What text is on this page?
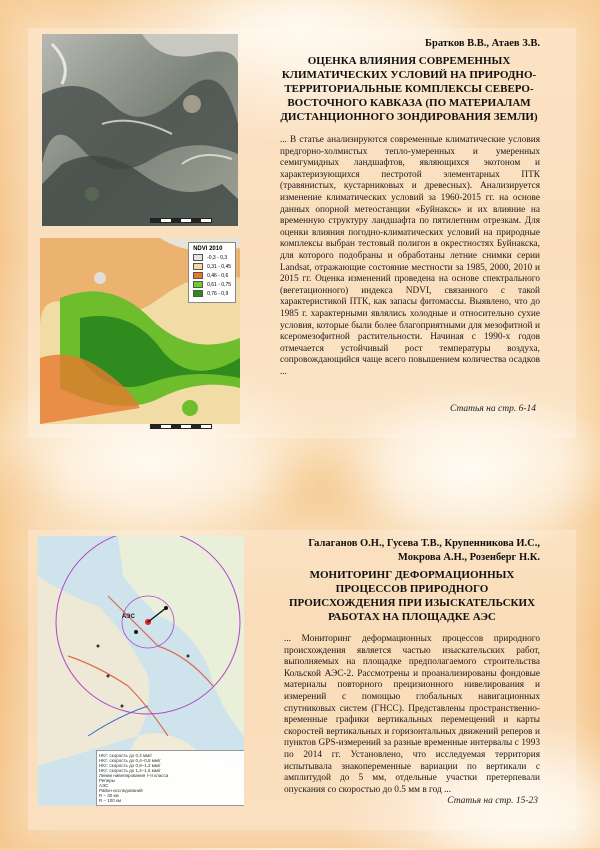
NDVI 2010
-0,3 - 0,3
0,31 - 0,45
0,46 - 0,6
0,61 - 0,75
0,76 - 0,9
Братков В.В., Атаев З.В.
ОЦЕНКА ВЛИЯНИЯ СОВРЕМЕННЫХ КЛИМАТИЧЕСКИХ УСЛОВИЙ НА ПРИРОДНО-ТЕРРИТОРИАЛЬНЫЕ КОМПЛЕКСЫ СЕВЕРО-ВОСТОЧНОГО КАВКАЗА (ПО МАТЕРИАЛАМ ДИСТАНЦИОННОГО ЗОНДИРОВАНИЯ ЗЕМЛИ)

... В статье анализируются современные климатические условия предгорно-холмистых тепло-умеренных и умеренных семигумидных ландшафтов, являющихся экотоном и характеризующихся пестротой элементарных ПТК (травянистых, кустарниковых и древесных). Анализируется изменение климатических условий за 1960-2015 гг. на основе данных опорной метеостанции «Буйнакск» и их влияние на временную структуру ландшафта по пятилетним отрезкам. Для оценки влияния погодно-климатических условий на природные комплексы выбран тестовый полигон в окрестностях Буйнакска, для которого подобраны и обработаны летние снимки серии Landsat, отражающие состояние местности за 1985, 2000, 2010 и 2015 гг. Оценка изменений проведена на основе спектрального (вегетационного) индекса NDVI, связанного с такой характеристикой ПТК, как запасы фитомассы. Выявлено, что до 1985 г. характерными являлись холодные и относительно сухие условия, которые были более благоприятными для мезофитной и ксеромезофитной растительности. Начиная с 1990-х годов отмечается устойчивый рост температуры воздуха, сопровождающийся чаще всего повышением количества осадков ...

Статья на стр. 6-14
АЭС
НКт: скорость до 0,4 мм/г
НКт: скорость до 0,4–0,8 мм/г
НКт: скорость до 0,8–1,2 мм/г
НКт: скорость до 1,2–1,6 мм/г
Линии нивелирования I–II класса
Реперы
АЭС
Район исследований
R – 30 км
R – 100 км
Галаганов О.Н., Гусева Т.В., Крупенникова И.С.,
Мокрова А.Н., Розенберг Н.К.
МОНИТОРИНГ ДЕФОРМАЦИОННЫХ ПРОЦЕССОВ ПРИРОДНОГО ПРОИСХОЖДЕНИЯ ПРИ ИЗЫСКАТЕЛЬСКИХ РАБОТАХ НА ПЛОЩАДКЕ АЭС

... Мониторинг деформационных процессов природного происхождения является частью изыскательских работ, выполняемых на площадке предполагаемого строительства Кольской АЭС-2. Рассмотрены и проанализированы фондовые материалы повторного прецизионного нивелирования и измерений с помощью глобальных навигационных спутниковых систем (ГНСС). Представлены пространственно-временные графики вертикальных перемещений и карты скоростей вертикальных и горизонтальных движений реперов и пунктов GPS-измерений за разные временные интервалы с 1993 по 2014 гг. Установлено, что исследуемая территория испытывала знакопеременные вариации по вертикали с амплитудой до 5 мм, отдельные участки претерпевали опускания со скоростью до 0.5 мм в год ...

Статья на стр. 15-23
